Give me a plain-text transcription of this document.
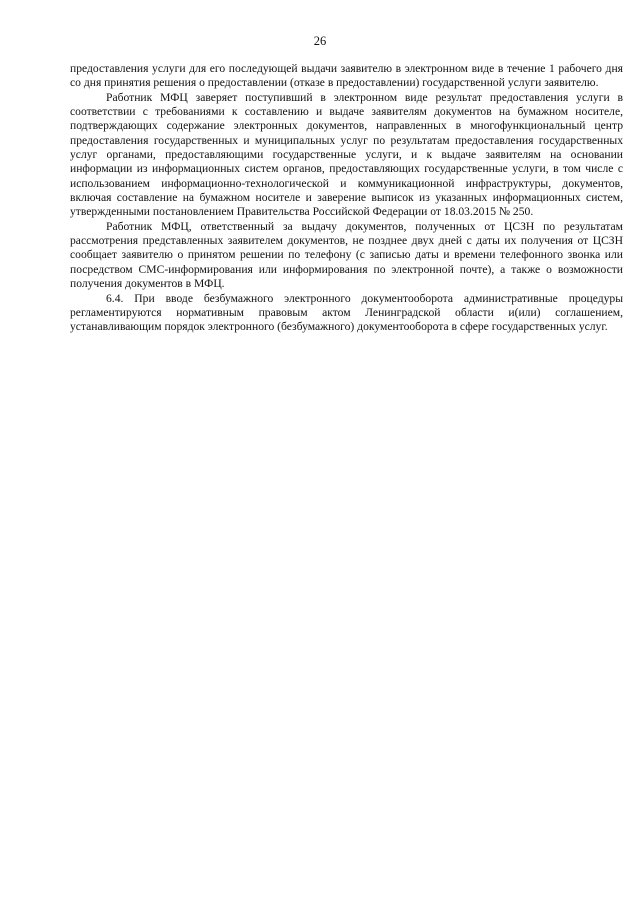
26

предоставления услуги для его последующей выдачи заявителю в электронном виде в течение 1 рабочего дня со дня принятия решения о предоставлении (отказе в предоставлении) государственной услуги заявителю.

Работник МФЦ заверяет поступивший в электронном виде результат предоставления услуги в соответствии с требованиями к составлению и выдаче заявителям документов на бумажном носителе, подтверждающих содержание электронных документов, направленных в многофункциональный центр предоставления государственных и муниципальных услуг по результатам предоставления государственных услуг органами, предоставляющими государственные услуги, и к выдаче заявителям на основании информации из информационных систем органов, предоставляющих государственные услуги, в том числе с использованием информационно-технологической и коммуникационной инфраструктуры, документов, включая составление на бумажном носителе и заверение выписок из указанных информационных систем, утвержденными постановлением Правительства Российской Федерации от 18.03.2015 № 250.

Работник МФЦ, ответственный за выдачу документов, полученных от ЦСЗН по результатам рассмотрения представленных заявителем документов, не позднее двух дней с даты их получения от ЦСЗН сообщает заявителю о принятом решении по телефону (с записью даты и времени телефонного звонка или посредством СМС-информирования или информирования по электронной почте), а также о возможности получения документов в МФЦ.

6.4. При вводе безбумажного электронного документооборота административные процедуры регламентируются нормативным правовым актом Ленинградской области и(или) соглашением, устанавливающим порядок электронного (безбумажного) документооборота в сфере государственных услуг.
